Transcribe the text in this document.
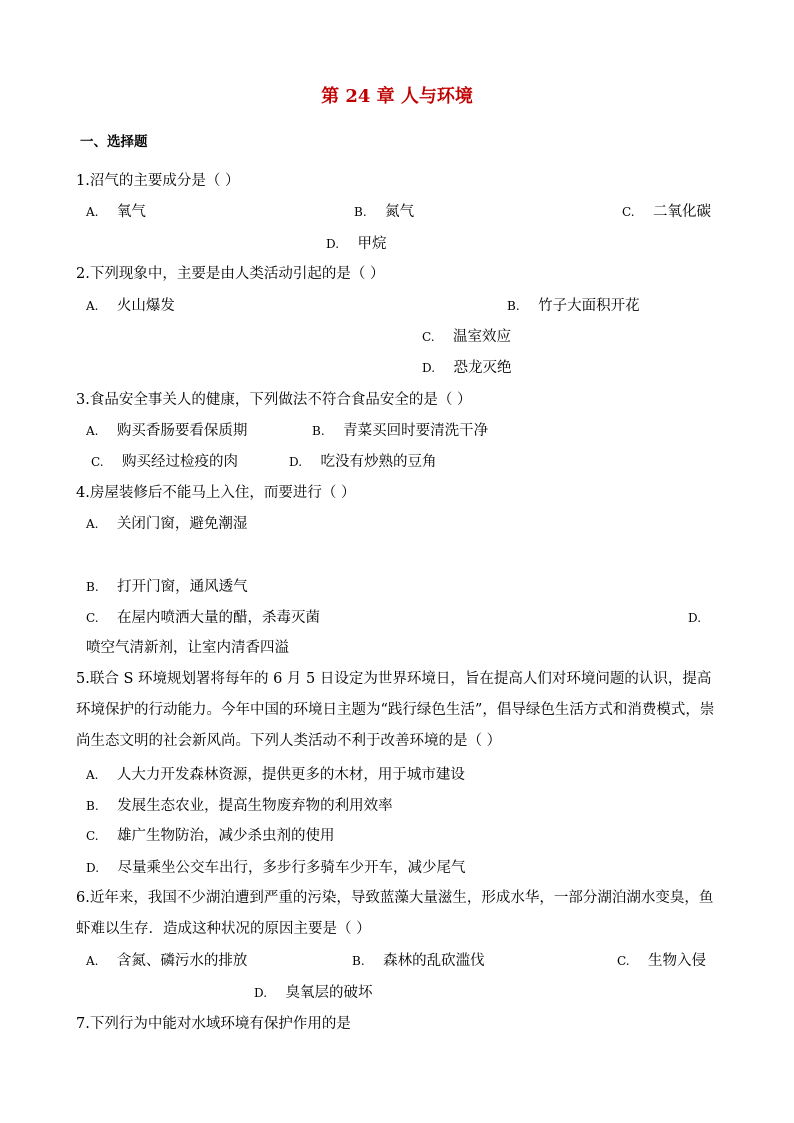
第 24 章 人与环境
一、选择题
1.沼气的主要成分是（ ）
A. 氧气	B. 氮气	C. 二氧化碳
D. 甲烷
2.下列现象中，主要是由人类活动引起的是（ ）
A. 火山爆发	B. 竹子大面积开花
C. 温室效应
D. 恐龙灭绝
3.食品安全事关人的健康，下列做法不符合食品安全的是（ ）
A. 购买香肠要看保质期	B. 青菜买回时要清洗干净
C. 购买经过检疫的肉	D. 吃没有炒熟的豆角
4.房屋装修后不能马上入住，而要进行（ ）
A. 关闭门窗，避免潮湿
B. 打开门窗，通风透气
C. 在屋内喷洒大量的醋，杀毒灭菌	D.
喷空气清新剂，让室内清香四溢
5.联合 S 环境规划署将每年的 6 月 5 日设定为世界环境日，旨在提高人们对环境问题的认识，提高环境保护的行动能力。今年中国的环境日主题为“践行绿色生活”，倡导绿色生活方式和消费模式，崇尚生态文明的社会新风尚。下列人类活动不利于改善环境的是（ ）
A. 人大力开发森林资源，提供更多的木材，用于城市建设
B. 发展生态农业，提高生物废弃物的利用效率
C. 雄广生物防治，减少杀虫剂的使用
D. 尽量乘坐公交车出行，多步行多骑车少开车，减少尾气
6.近年来，我国不少湖泊遭到严重的污染，导致蓝藻大量滋生，形成水华，一部分湖泊湖水变臭，鱼虾难以生存．造成这种状况的原因主要是（ ）
A. 含氮、磷污水的排放	B. 森林的乱砍滥伐	C. 生物入侵
D. 臭氧层的破坏
7.下列行为中能对水域环境有保护作用的是
